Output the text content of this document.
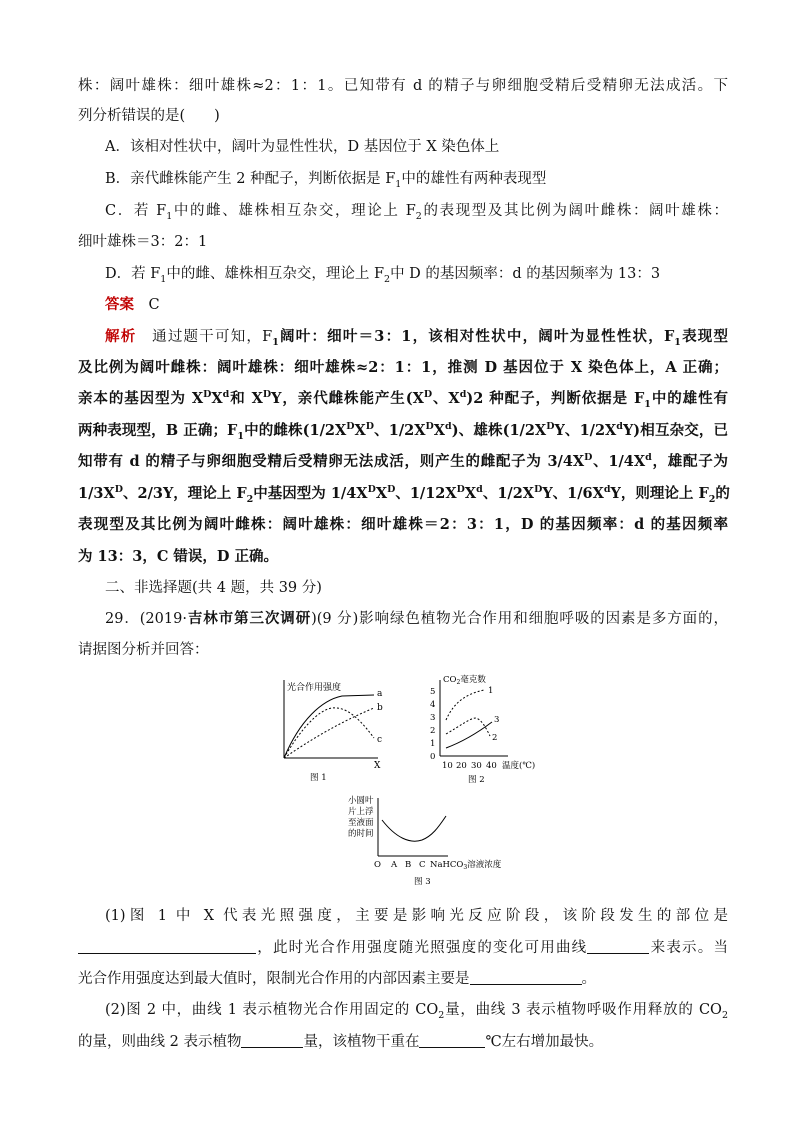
株：阔叶雄株：细叶雄株≈2：1：1。已知带有 d 的精子与卵细胞受精后受精卵无法成活。下
列分析错误的是(　　)
A．该相对性状中，阔叶为显性性状，D 基因位于 X 染色体上
B．亲代雌株能产生 2 种配子，判断依据是 $F_1$中的雄性有两种表现型
C．若 $F_1$中的雌、雄株相互杂交，理论上 $F_2$的表现型及其比例为阔叶雌株：阔叶雄株：
细叶雄株＝3：2：1
D．若 $F_1$中的雌、雄株相互杂交，理论上 $F_2$中 D 的基因频率：d 的基因频率为 13：3
答案　 C
解析　 通过题干可知，$F_1$阔叶：细叶＝3：1，该相对性状中，阔叶为显性性状，$F_1$表现型
及比例为阔叶雌株：阔叶雄株：细叶雄株≈2：1：1，推测 D 基因位于 X 染色体上，A 正确；
亲本的基因型为 $X^DX^d$和 $X^DY$，亲代雌株能产生($X^D$、$X^d)2$ 种配子，判断依据是 $F_1$中的雄性有
两种表现型，B 正确；$F_1$中的雌株($1/2X^DX^D$、$1/2X^DX^d$)、雄株($1/2X^DY$、$1/2X^dY$)相互杂交，已
知带有 d 的精子与卵细胞受精后受精卵无法成活，则产生的雌配子为 $3/4X^D$、$1/4X^d$，雄配子为
$1/3X^D$、2/3Y，理论上 $F_2$中基因型为 $1/4X^DX^D$、$1/12X^DX^d$、$1/2X^DY$、$1/6X^dY$，则理论上 $F_2$的
表现型及其比例为阔叶雌株：阔叶雄株：细叶雄株＝2：3：1，D 的基因频率：d 的基因频率
为 13：3，C 错误，D 正确。
二、非选择题(共 4 题，共 39 分)
29．(2019·吉林市第三次调研)(9 分)影响绿色植物光合作用和细胞呼吸的因素是多方面的，
请据图分析并回答：
光合作用强度
X
a
b
c
图 1
$CO_2$毫克数
5
4
3
2
1
0
10 20 30 40 温度(℃)
1
2
3
图 2
小圆叶
片上浮
至液面
的时间
O A B C NaHCO$_3$溶液浓度
图 3
(1)图 1 中 X 代表光照强度，主要是影响光反应阶段，该阶段发生的部位是
，此时光合作用强度随光照强度的变化可用曲线	来表示。当
光合作用强度达到最大值时，限制光合作用的内部因素主要是	。
(2)图 2 中，曲线 1 表示植物光合作用固定的 $CO_2$量，曲线 3 表示植物呼吸作用释放的 $CO_2$
的量，则曲线 2 表示植物	量，该植物干重在	℃左右增加最快。
